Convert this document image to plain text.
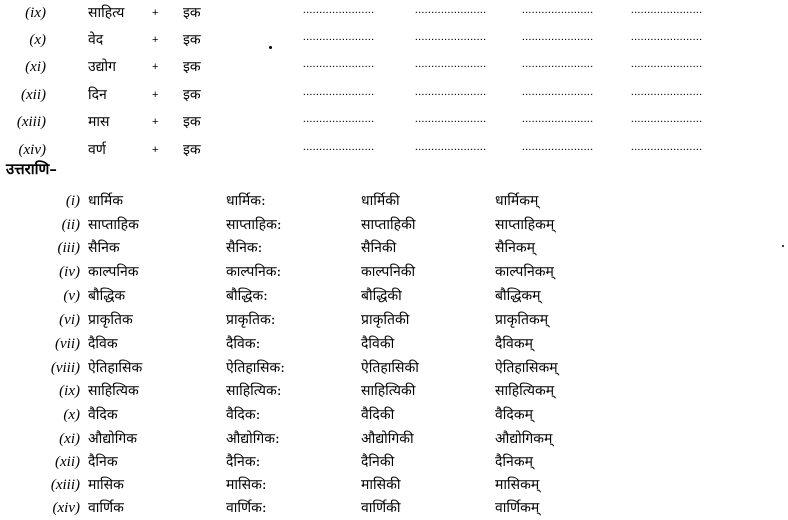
(ix)	साहित्य	+ इक	......................	......................	......................	......................
(x)	वेद	+ इक	......................	......................	......................	......................
(xi)	उद्योग	+ इक	......................	......................	......................	......................
(xii)	दिन	+ इक	......................	......................	......................	......................
(xiii)	मास	+ इक	......................	......................	......................	......................
(xiv)	वर्ण	+ इक	......................	......................	......................	......................
उत्तराणि–
(i) धार्मिक	धार्मिक:	धार्मिकी	धार्मिकम्
(ii) साप्ताहिक	साप्ताहिक:	साप्ताहिकी	साप्ताहिकम्
(iii) सैनिक	सैनिक:	सैनिकी	सैनिकम्
(iv) काल्पनिक	काल्पनिक:	काल्पनिकी	काल्पनिकम्
(v) बौद्धिक	बौद्धिक:	बौद्धिकी	बौद्धिकम्
(vi) प्राकृतिक	प्राकृतिक:	प्राकृतिकी	प्राकृतिकम्
(vii) दैविक	दैविक:	दैविकी	दैविकम्
(viii) ऐतिहासिक	ऐतिहासिक:	ऐतिहासिकी	ऐतिहासिकम्
(ix) साहित्यिक	साहित्यिक:	साहित्यिकी	साहित्यिकम्
(x) वैदिक	वैदिक:	वैदिकी	वैदिकम्
(xi) औद्योगिक	औद्योगिक:	औद्योगिकी	औद्योगिकम्
(xii) दैनिक	दैनिक:	दैनिकी	दैनिकम्
(xiii) मासिक	मासिक:	मासिकी	मासिकम्
(xiv) वार्णिक	वार्णिक:	वार्णिकी	वार्णिकम्
